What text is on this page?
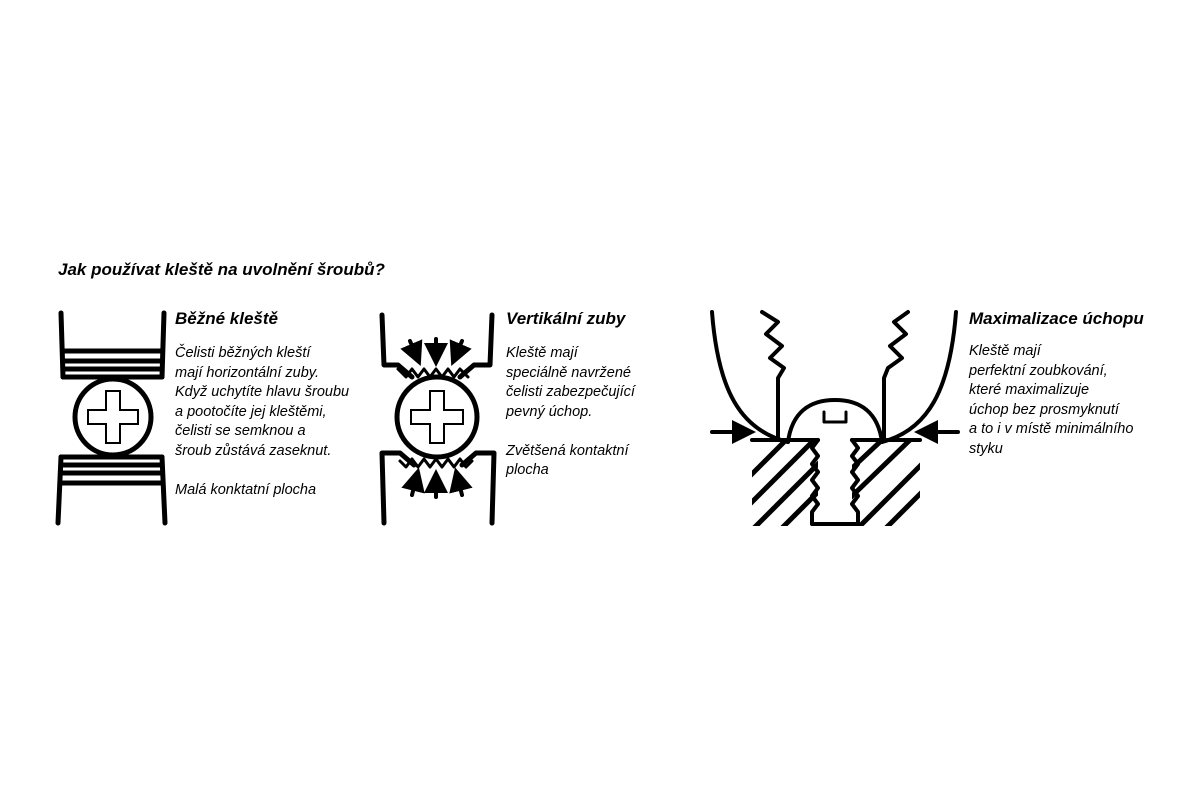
Jak používat kleště na uvolnění šroubů?
Běžné kleště
Čelisti běžných kleští
mají horizontální zuby.
Když uchytíte hlavu šroubu
a pootočíte jej kleštěmi,
čelisti se semknou a
šroub zůstává zaseknut.
Malá konktatní plocha
Vertikální zuby
Kleště mají
speciálně navržené
čelisti zabezpečující
pevný úchop.
Zvětšená kontaktní
plocha
Maximalizace úchopu
Kleště mají
perfektní zoubkování,
které maximalizuje
úchop bez prosmyknutí
a to i v místě minimálního
styku
